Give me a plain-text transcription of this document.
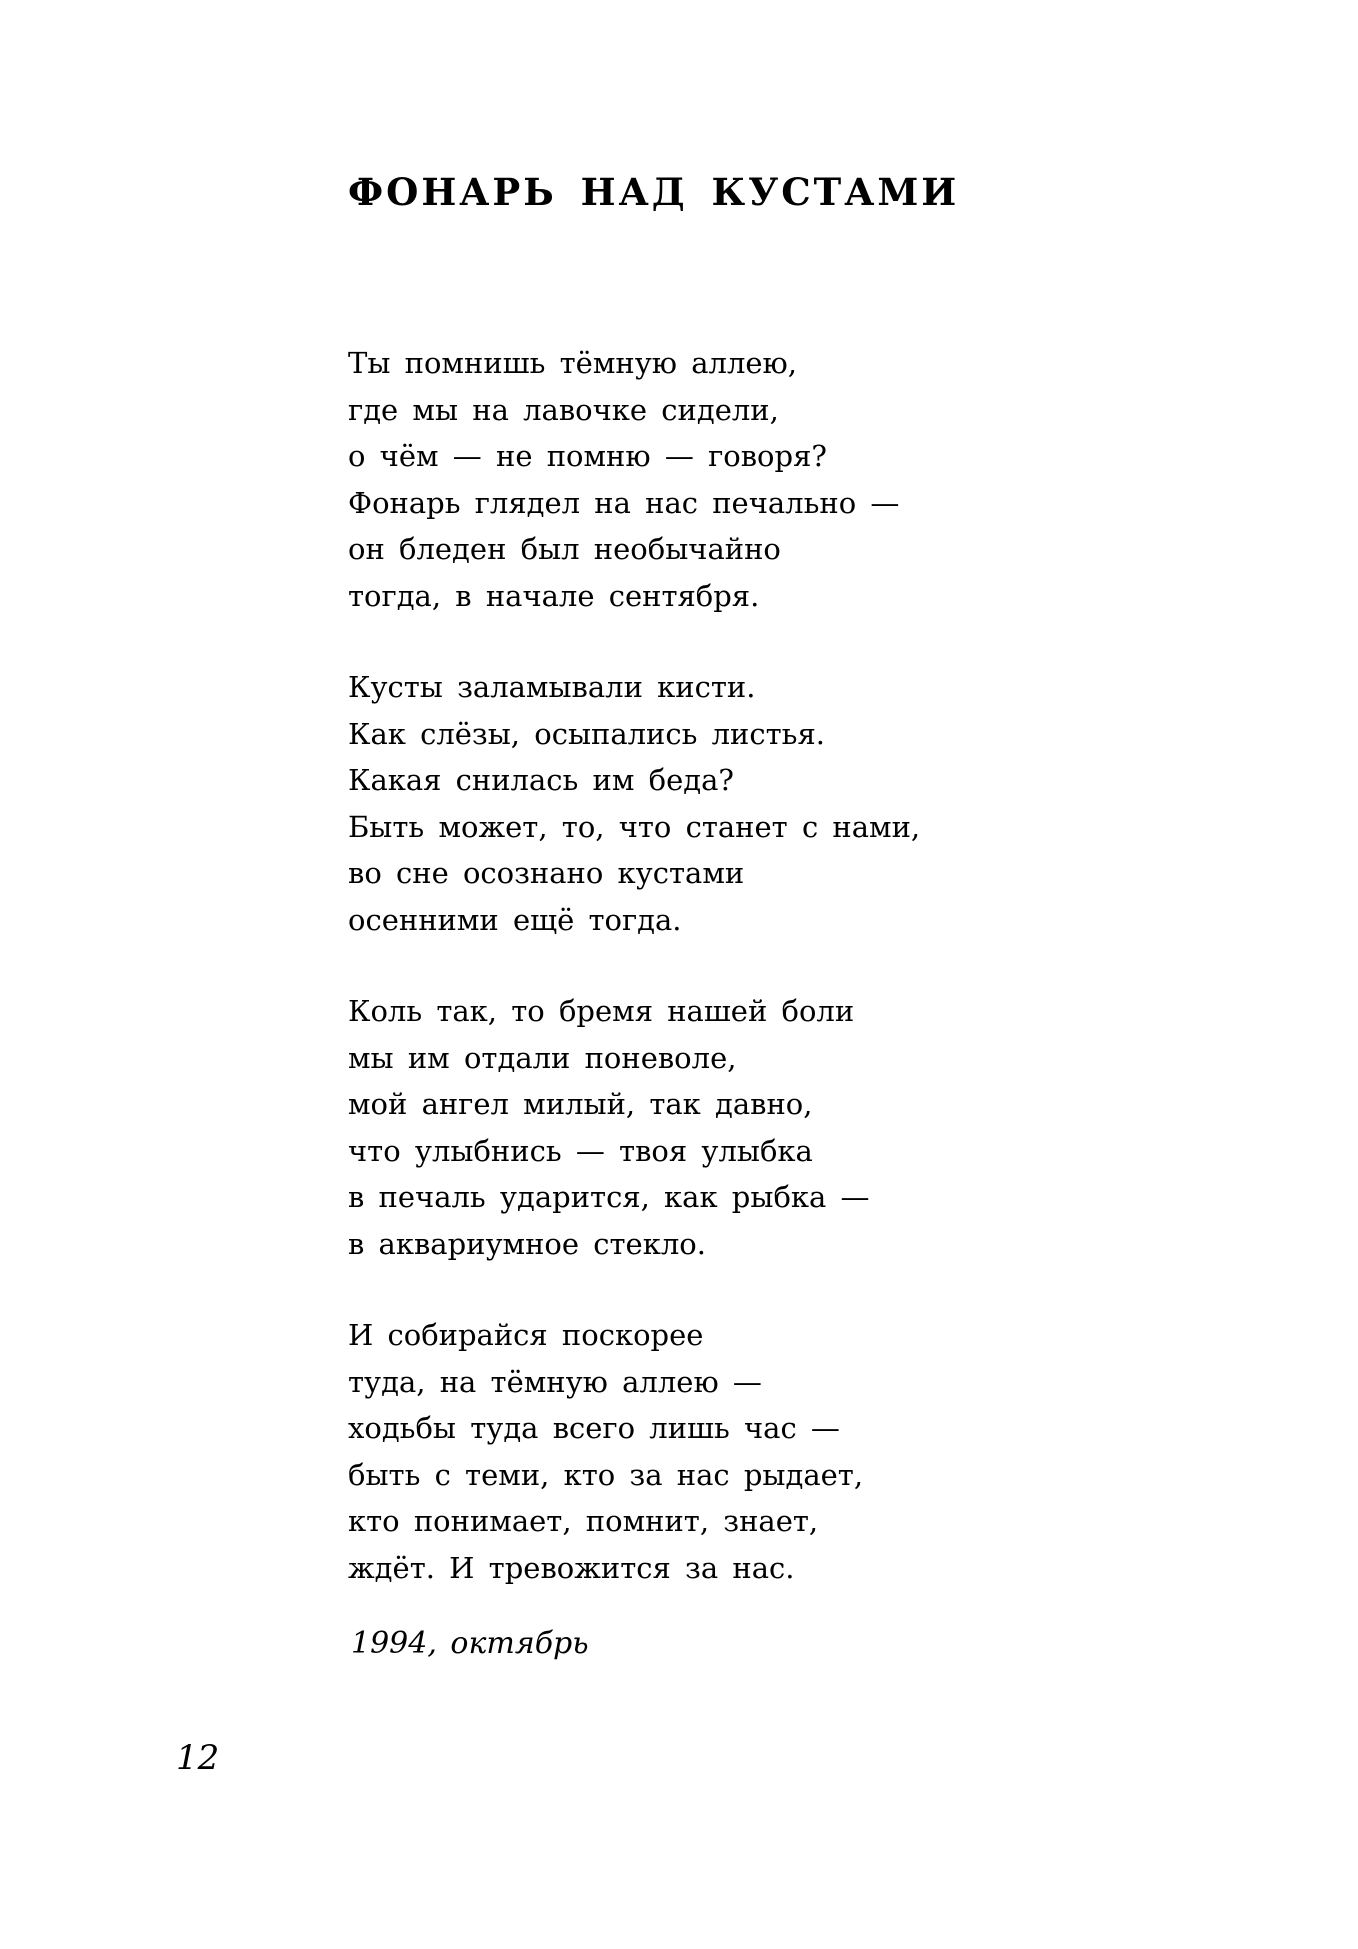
ФОНАРЬ НАД КУСТАМИ

Ты помнишь тёмную аллею,
где мы на лавочке сидели,
о чём — не помню — говоря?
Фонарь глядел на нас печально —
он бледен был необычайно
тогда, в начале сентября.

Кусты заламывали кисти.
Как слёзы, осыпались листья.
Какая снилась им беда?
Быть может, то, что станет с нами,
во сне осознано кустами
осенними ещё тогда.

Коль так, то бремя нашей боли
мы им отдали поневоле,
мой ангел милый, так давно,
что улыбнись — твоя улыбка
в печаль ударится, как рыбка —
в аквариумное стекло.

И собирайся поскорее
туда, на тёмную аллею —
ходьбы туда всего лишь час —
быть с теми, кто за нас рыдает,
кто понимает, помнит, знает,
ждёт. И тревожится за нас.

1994, октябрь
12
